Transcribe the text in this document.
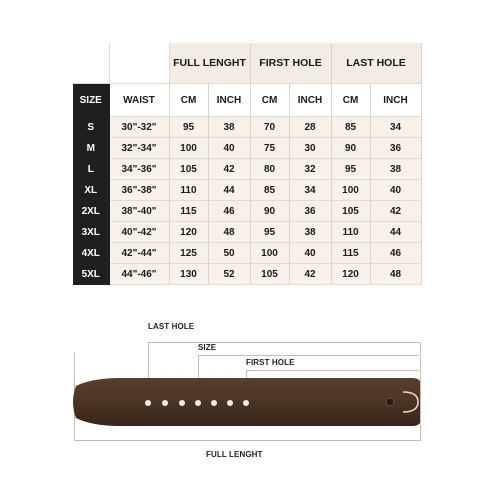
		FULL LENGHT		FIRST HOLE		LAST HOLE	
SIZE	WAIST	CM	INCH	CM	INCH	CM	INCH
S	30"-32"	95	38	70	28	85	34
M	32"-34"	100	40	75	30	90	36
L	34"-36"	105	42	80	32	95	38
XL	36"-38"	110	44	85	34	100	40
2XL	38"-40"	115	46	90	36	105	42
3XL	40"-42"	120	48	95	38	110	44
4XL	42"-44"	125	50	100	40	115	46
5XL	44"-46"	130	52	105	42	120	48
LAST HOLE
SIZE
FIRST HOLE
FULL LENGHT
